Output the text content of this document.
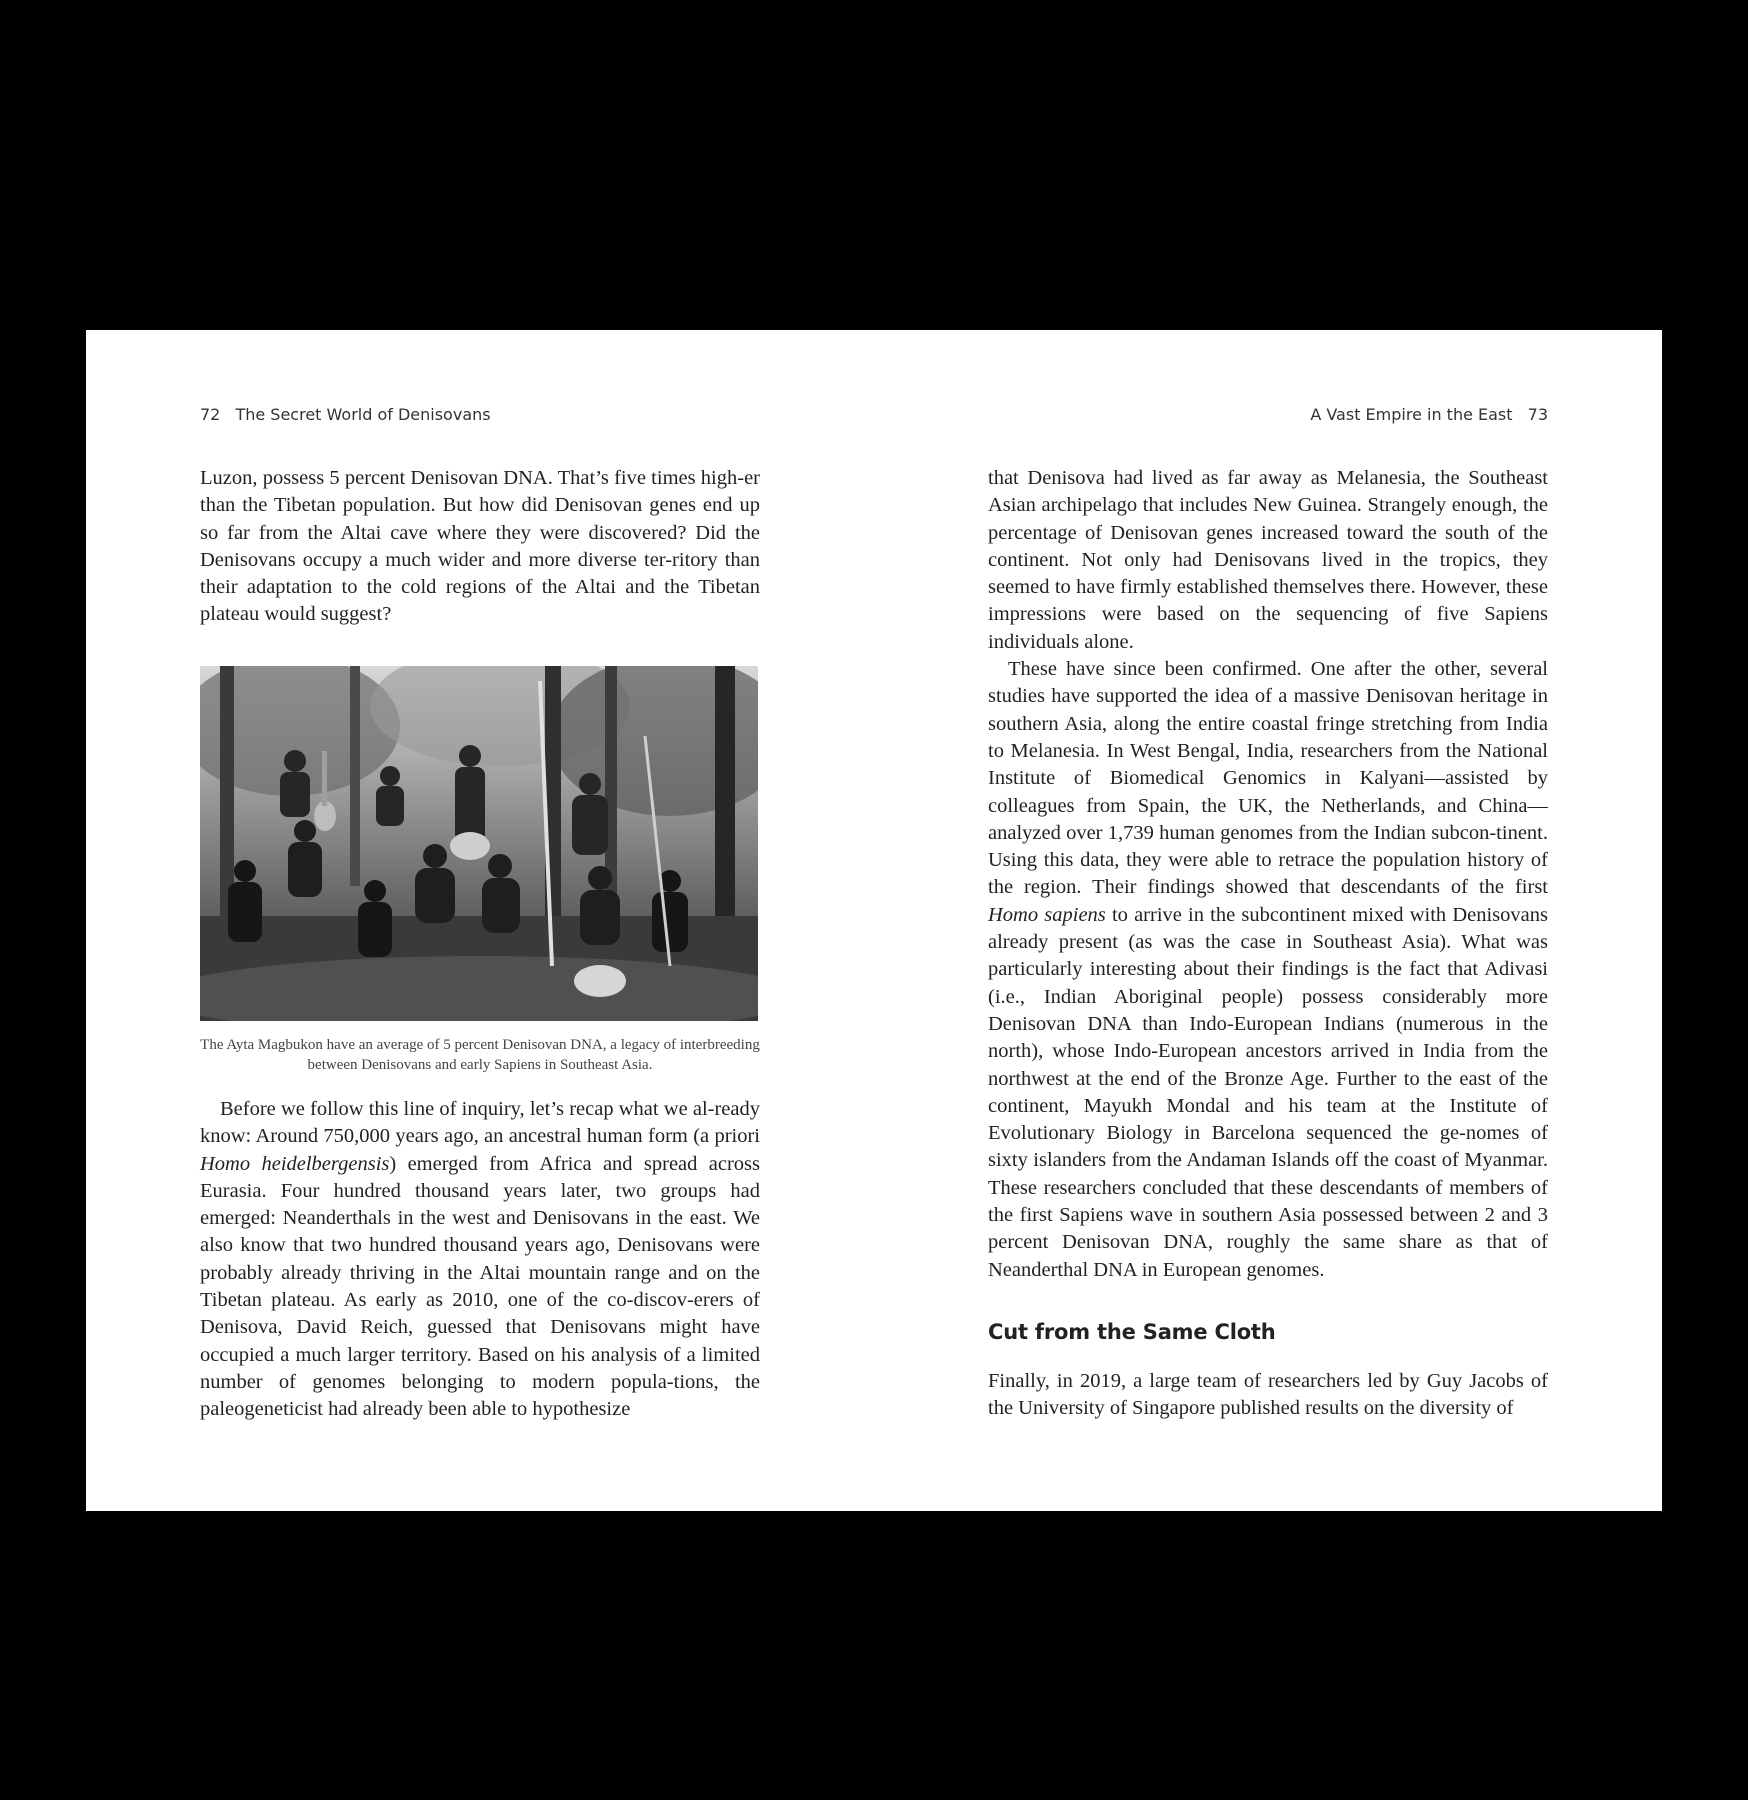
72 The Secret World of Denisovans

Luzon, possess 5 percent Denisovan DNA. That’s five times high-er than the Tibetan population. But how did Denisovan genes end up so far from the Altai cave where they were discovered? Did the Denisovans occupy a much wider and more diverse ter-ritory than their adaptation to the cold regions of the Altai and the Tibetan plateau would suggest?

The Ayta Magbukon have an average of 5 percent Denisovan DNA, a legacy of interbreeding between Denisovans and early Sapiens in Southeast Asia.

Before we follow this line of inquiry, let’s recap what we al-ready know: Around 750,000 years ago, an ancestral human form (a priori Homo heidelbergensis) emerged from Africa and spread across Eurasia. Four hundred thousand years later, two groups had emerged: Neanderthals in the west and Denisovans in the east. We also know that two hundred thousand years ago, Denisovans were probably already thriving in the Altai mountain range and on the Tibetan plateau. As early as 2010, one of the co-discov-erers of Denisova, David Reich, guessed that Denisovans might have occupied a much larger territory. Based on his analysis of a limited number of genomes belonging to modern popula-tions, the paleogeneticist had already been able to hypothesize

A Vast Empire in the East 73

that Denisova had lived as far away as Melanesia, the Southeast Asian archipelago that includes New Guinea. Strangely enough, the percentage of Denisovan genes increased toward the south of the continent. Not only had Denisovans lived in the tropics, they seemed to have firmly established themselves there. However, these impressions were based on the sequencing of five Sapiens individuals alone.

These have since been confirmed. One after the other, several studies have supported the idea of a massive Denisovan heritage in southern Asia, along the entire coastal fringe stretching from India to Melanesia. In West Bengal, India, researchers from the National Institute of Biomedical Genomics in Kalyani—assisted by colleagues from Spain, the UK, the Netherlands, and China—analyzed over 1,739 human genomes from the Indian subcon-tinent. Using this data, they were able to retrace the population history of the region. Their findings showed that descendants of the first Homo sapiens to arrive in the subcontinent mixed with Denisovans already present (as was the case in Southeast Asia). What was particularly interesting about their findings is the fact that Adivasi (i.e., Indian Aboriginal people) possess considerably more Denisovan DNA than Indo-European Indians (numerous in the north), whose Indo-European ancestors arrived in India from the northwest at the end of the Bronze Age. Further to the east of the continent, Mayukh Mondal and his team at the Institute of Evolutionary Biology in Barcelona sequenced the ge-nomes of sixty islanders from the Andaman Islands off the coast of Myanmar. These researchers concluded that these descendants of members of the first Sapiens wave in southern Asia possessed between 2 and 3 percent Denisovan DNA, roughly the same share as that of Neanderthal DNA in European genomes.

Cut from the Same Cloth

Finally, in 2019, a large team of researchers led by Guy Jacobs of the University of Singapore published results on the diversity of
